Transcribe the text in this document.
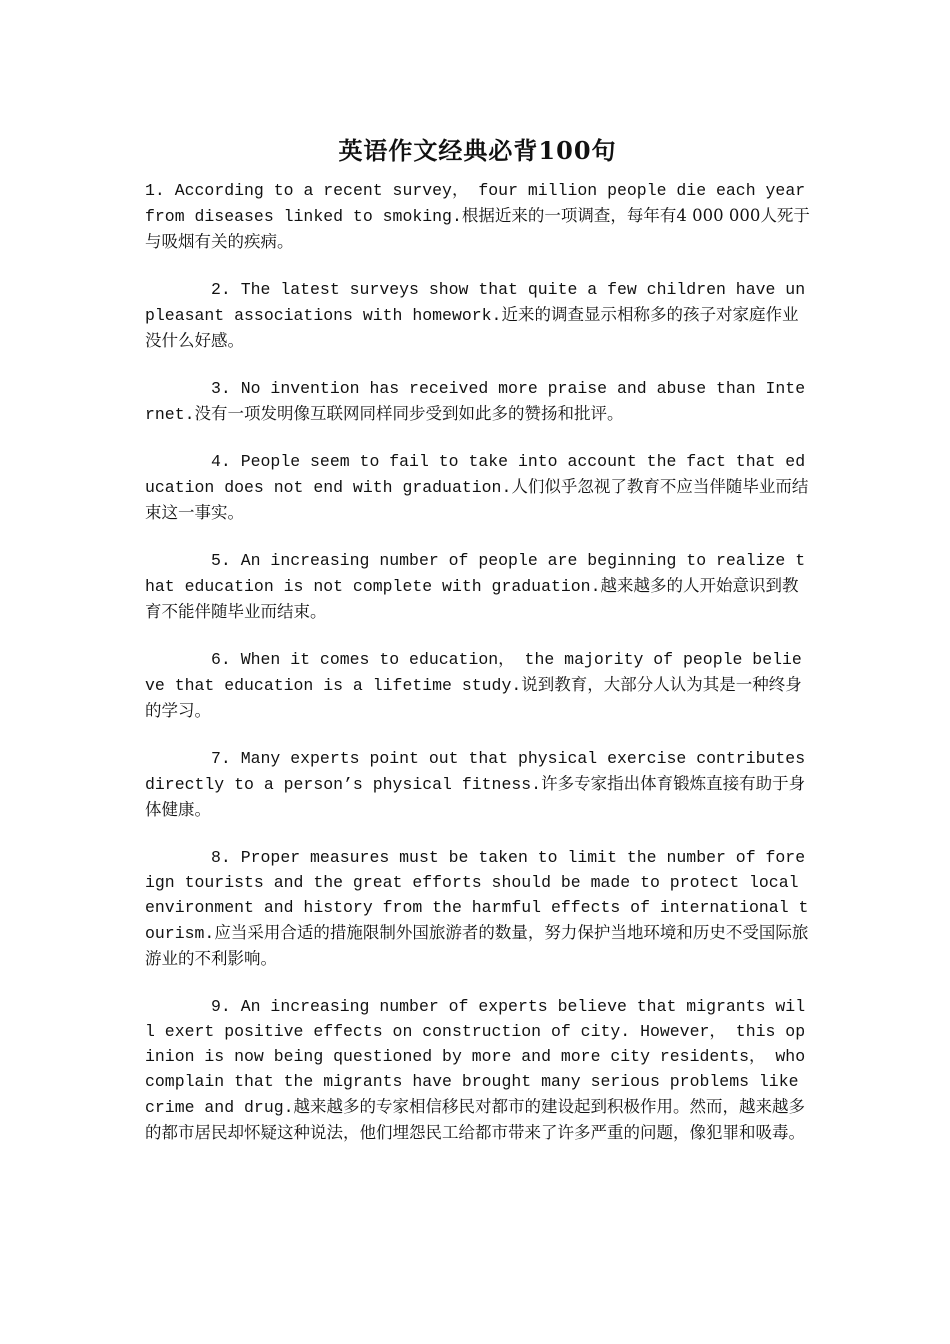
英语作文经典必背100句

1. According to a recent survey， four million people die each year from diseases linked to smoking.根据近来的一项调查，每年有4 000 000人死于与吸烟有关的疾病。

2. The latest surveys show that quite a few children have unpleasant associations with homework.近来的调查显示相称多的孩子对家庭作业没什么好感。

3. No invention has received more praise and abuse than Internet.没有一项发明像互联网同样同步受到如此多的赞扬和批评。

4. People seem to fail to take into account the fact that education does not end with graduation.人们似乎忽视了教育不应当伴随毕业而结束这一事实。

5. An increasing number of people are beginning to realize that education is not complete with graduation.越来越多的人开始意识到教育不能伴随毕业而结束。

6. When it comes to education， the majority of people believe that education is a lifetime study.说到教育，大部分人认为其是一种终身的学习。

7. Many experts point out that physical exercise contributes directly to a person’s physical fitness.许多专家指出体育锻炼直接有助于身体健康。

8. Proper measures must be taken to limit the number of foreign tourists and the great efforts should be made to protect local environment and history from the harmful effects of international tourism.应当采用合适的措施限制外国旅游者的数量，努力保护当地环境和历史不受国际旅游业的不利影响。

9. An increasing number of experts believe that migrants will exert positive effects on construction of city. However， this opinion is now being questioned by more and more city residents， who complain that the migrants have brought many serious problems like crime and drug.越来越多的专家相信移民对都市的建设起到积极作用。然而，越来越多的都市居民却怀疑这种说法，他们埋怨民工给都市带来了许多严重的问题，像犯罪和吸毒。
